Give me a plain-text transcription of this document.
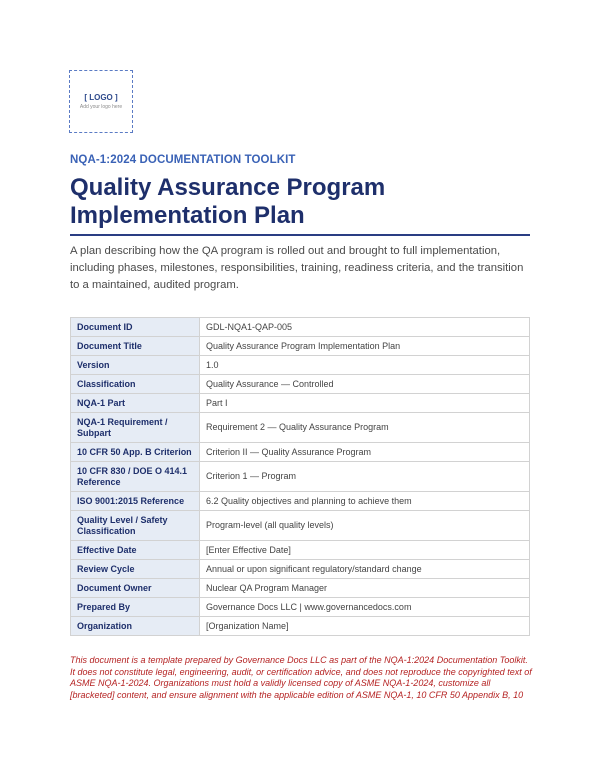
[ LOGO ]
Add your logo here
NQA-1:2024 DOCUMENTATION TOOLKIT
Quality Assurance Program Implementation Plan

A plan describing how the QA program is rolled out and brought to full implementation, including phases, milestones, responsibilities, training, readiness criteria, and the transition to a maintained, audited program.

Document ID	GDL-NQA1-QAP-005
Document Title	Quality Assurance Program Implementation Plan
Version	1.0
Classification	Quality Assurance — Controlled
NQA-1 Part	Part I
NQA-1 Requirement / Subpart	Requirement 2 — Quality Assurance Program
10 CFR 50 App. B Criterion	Criterion II — Quality Assurance Program
10 CFR 830 / DOE O 414.1 Reference	Criterion 1 — Program
ISO 9001:2015 Reference	6.2 Quality objectives and planning to achieve them
Quality Level / Safety Classification	Program-level (all quality levels)
Effective Date	[Enter Effective Date]
Review Cycle	Annual or upon significant regulatory/standard change
Document Owner	Nuclear QA Program Manager
Prepared By	Governance Docs LLC | www.governancedocs.com
Organization	[Organization Name]

This document is a template prepared by Governance Docs LLC as part of the NQA-1:2024 Documentation Toolkit. It does not constitute legal, engineering, audit, or certification advice, and does not reproduce the copyrighted text of ASME NQA-1-2024. Organizations must hold a validly licensed copy of ASME NQA-1-2024, customize all [bracketed] content, and ensure alignment with the applicable edition of ASME NQA-1, 10 CFR 50 Appendix B, 10
